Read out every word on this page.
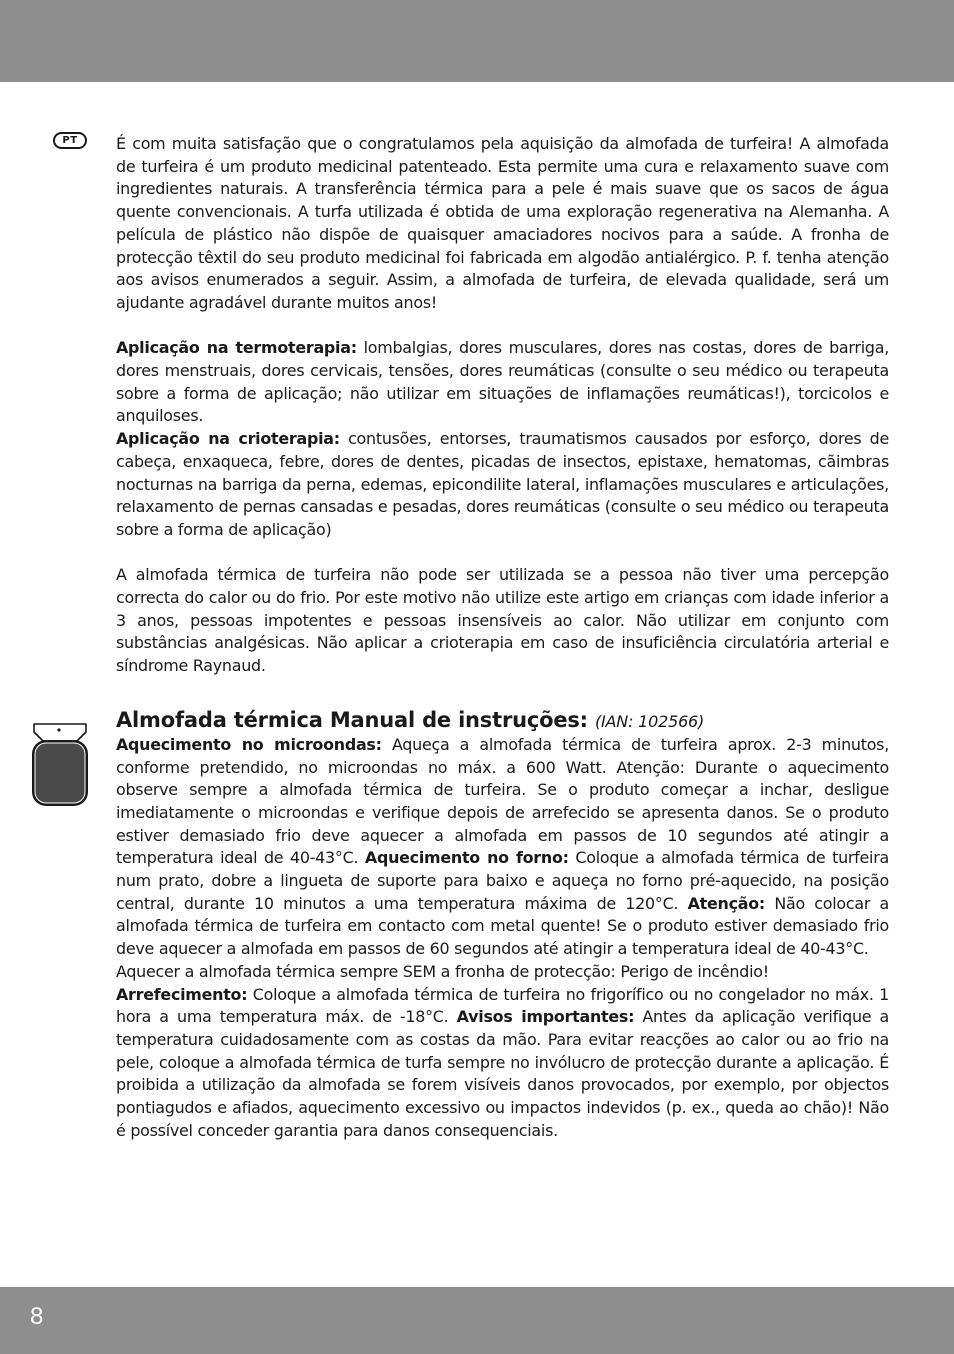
PT	É com muita satisfação que o congratulamos pela aquisição da almofada de turfeira! A almofada de turfeira é um produto medicinal patenteado. Esta permite uma cura e relaxamento suave com ingredientes naturais. A transferência térmica para a pele é mais suave que os sacos de água quente convencionais. A turfa utilizada é obtida de uma exploração regenerativa na Alemanha. A película de plástico não dispõe de quaisquer amaciadores nocivos para a saúde. A fronha de protecção têxtil do seu produto medicinal foi fabricada em algodão antialérgico. P. f. tenha atenção aos avisos enumerados a seguir. Assim, a almofada de turfeira, de elevada qualidade, será um ajudante agradável durante muitos anos!

Aplicação na termoterapia: lombalgias, dores musculares, dores nas costas, dores de barriga, dores menstruais, dores cervicais, tensões, dores reumáticas (consulte o seu médico ou terapeuta sobre a forma de aplicação; não utilizar em situações de inflamações reumáticas!), torcicolos e anquiloses.

Aplicação na crioterapia: contusões, entorses, traumatismos causados por esforço, dores de cabeça, enxaqueca, febre, dores de dentes, picadas de insectos, epistaxe, hematomas, cãimbras nocturnas na barriga da perna, edemas, epicondilite lateral, inflamações musculares e articulações, relaxamento de pernas cansadas e pesadas, dores reumáticas (consulte o seu médico ou terapeuta sobre a forma de aplicação)

A almofada térmica de turfeira não pode ser utilizada se a pessoa não tiver uma percepção correcta do calor ou do frio. Por este motivo não utilize este artigo em crianças com idade inferior a 3 anos, pessoas impotentes e pessoas insensíveis ao calor. Não utilizar em conjunto com substâncias analgésicas. Não aplicar a crioterapia em caso de insuficiência circulatória arterial e síndrome Raynaud.

Almofada térmica Manual de instruções: (IAN: 102566)

Aquecimento no microondas: Aqueça a almofada térmica de turfeira aprox. 2-3 minutos, conforme pretendido, no microondas no máx. a 600 Watt. Atenção: Durante o aquecimento observe sempre a almofada térmica de turfeira. Se o produto começar a inchar, desligue imediatamente o microondas e verifique depois de arrefecido se apresenta danos. Se o produto estiver demasiado frio deve aquecer a almofada em passos de 10 segundos até atingir a temperatura ideal de 40-43°C. Aquecimento no forno: Coloque a almofada térmica de turfeira num prato, dobre a lingueta de suporte para baixo e aqueça no forno pré-aquecido, na posição central, durante 10 minutos a uma temperatura máxima de 120°C. Atenção: Não colocar a almofada térmica de turfeira em contacto com metal quente! Se o produto estiver demasiado frio deve aquecer a almofada em passos de 60 segundos até atingir a temperatura ideal de 40-43°C.

Aquecer a almofada térmica sempre SEM a fronha de protecção: Perigo de incêndio!

Arrefecimento: Coloque a almofada térmica de turfeira no frigorífico ou no congelador no máx. 1 hora a uma temperatura máx. de -18°C. Avisos importantes: Antes da aplicação verifique a temperatura cuidadosamente com as costas da mão. Para evitar reacções ao calor ou ao frio na pele, coloque a almofada térmica de turfa sempre no invólucro de protecção durante a aplicação. É proibida a utilização da almofada se forem visíveis danos provocados, por exemplo, por objectos pontiagudos e afiados, aquecimento excessivo ou impactos indevidos (p. ex., queda ao chão)! Não é possível conceder garantia para danos consequenciais.

8
